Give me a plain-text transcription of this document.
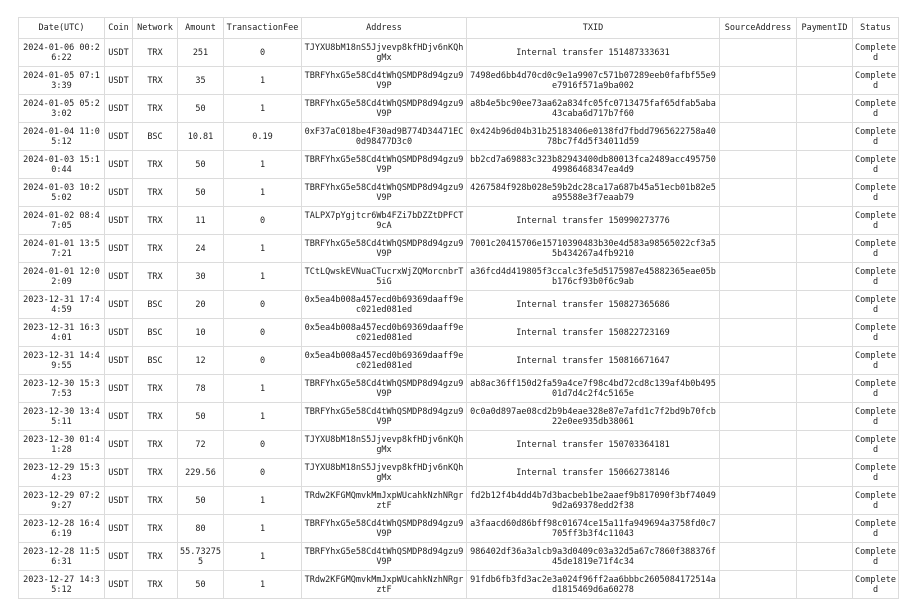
Date(UTC)	Coin	Network	Amount	TransactionFee	Address	TXID	SourceAddress	PaymentID	Status
2024-01-06 00:26:22	USDT	TRX	251	0	TJYXU8bM18nS5Jjvevp8kfHDjv6nKQhgMx	Internal transfer 151487333631			Completed
2024-01-05 07:13:39	USDT	TRX	35	1	TBRFYhxG5e58Cd4tWhQSMDP8d94gzu9V9P	7498ed6bb4d70cd0c9e1a9907c571b07289eeb0fafbf55e9e7916f571a9ba002			Completed
2024-01-05 05:23:02	USDT	TRX	50	1	TBRFYhxG5e58Cd4tWhQSMDP8d94gzu9V9P	a8b4e5bc90ee73aa62a834fc05fc0713475faf65dfab5aba43caba6d717b7f60			Completed
2024-01-04 11:05:12	USDT	BSC	10.81	0.19	0xF37aC018be4F30ad9B774D34471EC0d98477D3c0	0x424b96d04b31b25183406e0138fd7fbdd7965622758a4078bc7f4d5f34011d59			Completed
2024-01-03 15:10:44	USDT	TRX	50	1	TBRFYhxG5e58Cd4tWhQSMDP8d94gzu9V9P	bb2cd7a69883c323b82943400db80013fca2489acc49575049986468347ea4d9			Completed
2024-01-03 10:25:02	USDT	TRX	50	1	TBRFYhxG5e58Cd4tWhQSMDP8d94gzu9V9P	4267584f928b028e59b2dc28ca17a687b45a51ecb01b82e5a95588e3f7eaab79			Completed
2024-01-02 08:47:05	USDT	TRX	11	0	TALPX7pYgjtcr6Wb4FZi7bDZZtDPFCT9cA	Internal transfer 150990273776			Completed
2024-01-01 13:57:21	USDT	TRX	24	1	TBRFYhxG5e58Cd4tWhQSMDP8d94gzu9V9P	7001c20415706e15710390483b30e4d583a98565022cf3a55b434267a4fb9210			Completed
2024-01-01 12:02:09	USDT	TRX	30	1	TCtLQwskEVNuaCTucrxWjZQMorcnbrT5iG	a36fcd4d419805f3ccalc3fe5d5175987e45882365eae05bb176cf93b0f6c9ab			Completed
2023-12-31 17:44:59	USDT	BSC	20	0	0x5ea4b008a457ecd0b69369daaff9ec021ed081ed	Internal transfer 150827365686			Completed
2023-12-31 16:34:01	USDT	BSC	10	0	0x5ea4b008a457ecd0b69369daaff9ec021ed081ed	Internal transfer 150822723169			Completed
2023-12-31 14:49:55	USDT	BSC	12	0	0x5ea4b008a457ecd0b69369daaff9ec021ed081ed	Internal transfer 150816671647			Completed
2023-12-30 15:37:53	USDT	TRX	78	1	TBRFYhxG5e58Cd4tWhQSMDP8d94gzu9V9P	ab8ac36ff150d2fa59a4ce7f98c4bd72cd8c139af4b0b49501d7d4c2f4c5165e			Completed
2023-12-30 13:45:11	USDT	TRX	50	1	TBRFYhxG5e58Cd4tWhQSMDP8d94gzu9V9P	0c0a0d897ae08cd2b9b4eae328e87e7afd1c7f2bd9b70fcb22e0ee935db38061			Completed
2023-12-30 01:41:28	USDT	TRX	72	0	TJYXU8bM18nS5Jjvevp8kfHDjv6nKQhgMx	Internal transfer 150703364181			Completed
2023-12-29 15:34:23	USDT	TRX	229.56	0	TJYXU8bM18nS5Jjvevp8kfHDjv6nKQhgMx	Internal transfer 150662738146			Completed
2023-12-29 07:29:27	USDT	TRX	50	1	TRdw2KFGMQmvkMmJxpWUcahkNzhNRgrztF	fd2b12f4b4dd4b7d3bacbeb1be2aaef9b817090f3bf740499d2a69378edd2f38			Completed
2023-12-28 16:46:19	USDT	TRX	80	1	TBRFYhxG5e58Cd4tWhQSMDP8d94gzu9V9P	a3faacd60d86bff98c01674ce15a11fa949694a3758fd0c7705ff3b3f4c11043			Completed
2023-12-28 11:56:31	USDT	TRX	55.732755	1	TBRFYhxG5e58Cd4tWhQSMDP8d94gzu9V9P	986402df36a3alcb9a3d0409c03a32d5a67c7860f388376f45de1819e71f4c34			Completed
2023-12-27 14:35:12	USDT	TRX	50	1	TRdw2KFGMQmvkMmJxpWUcahkNzhNRgrztF	91fdb6fb3fd3ac2e3a024f96ff2aa6bbbc2605084172514ad1815469d6a60278			Completed
